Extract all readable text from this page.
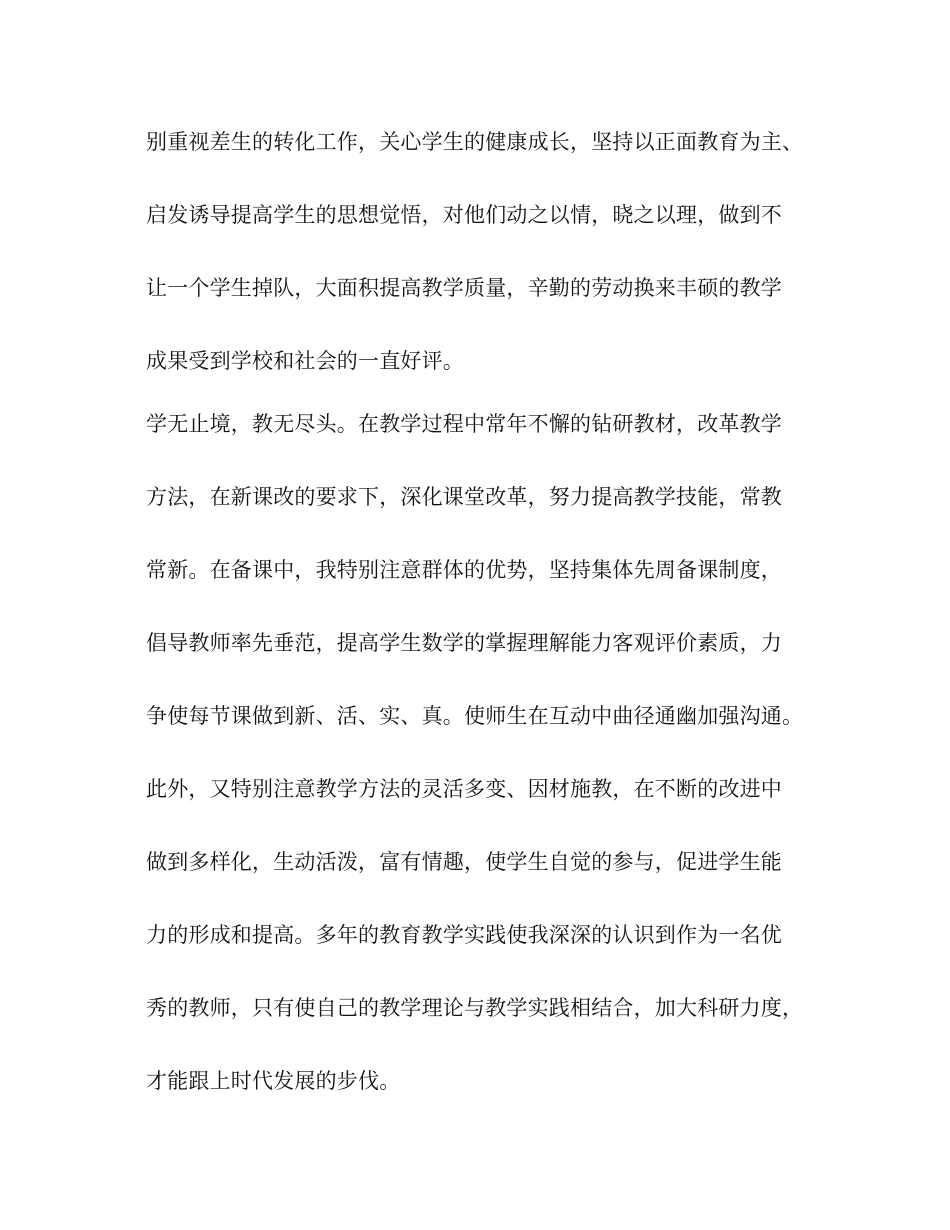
别重视差生的转化工作，关心学生的健康成长，坚持以正面教育为主、
启发诱导提高学生的思想觉悟，对他们动之以情，晓之以理，做到不
让一个学生掉队，大面积提高教学质量，辛勤的劳动换来丰硕的教学
成果受到学校和社会的一直好评。
学无止境，教无尽头。在教学过程中常年不懈的钻研教材，改革教学
方法，在新课改的要求下，深化课堂改革，努力提高教学技能，常教
常新。在备课中，我特别注意群体的优势，坚持集体先周备课制度，
倡导教师率先垂范，提高学生数学的掌握理解能力客观评价素质，力
争使每节课做到新、活、实、真。使师生在互动中曲径通幽加强沟通。
此外，又特别注意教学方法的灵活多变、因材施教，在不断的改进中
做到多样化，生动活泼，富有情趣，使学生自觉的参与，促进学生能
力的形成和提高。多年的教育教学实践使我深深的认识到作为一名优
秀的教师，只有使自己的教学理论与教学实践相结合，加大科研力度，
才能跟上时代发展的步伐。
